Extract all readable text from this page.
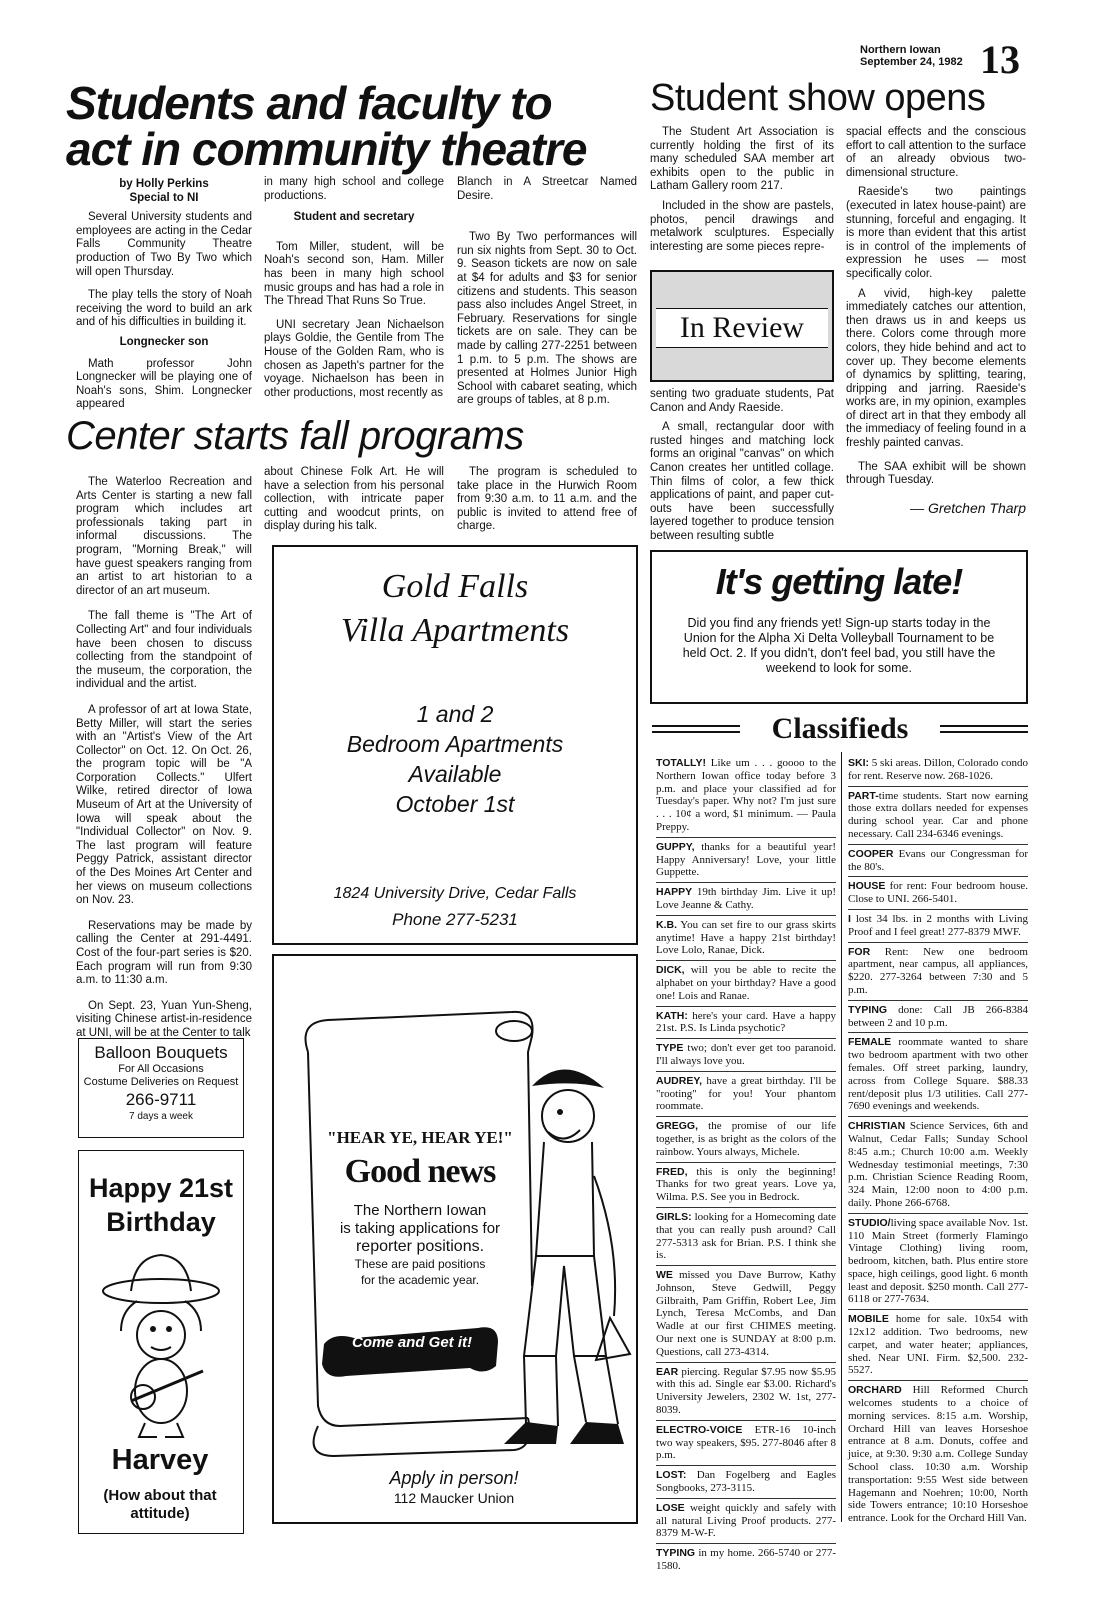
Northern Iowan
September 24, 1982 13
Students and faculty to
act in community theatre

by Holly Perkins

Special to NI

Several University students and employees are acting in the Cedar Falls Community Theatre production of Two By Two which will open Thursday.

The play tells the story of Noah receiving the word to build an ark and of his difficulties in building it.

Longnecker son

Math professor John Longnecker will be playing one of Noah's sons, Shim. Longnecker appeared

in many high school and college productions.

Student and secretary

Tom Miller, student, will be Noah's second son, Ham. Miller has been in many high school music groups and has had a role in The Thread That Runs So True.

UNI secretary Jean Nichaelson plays Goldie, the Gentile from The House of the Golden Ram, who is chosen as Japeth's partner for the voyage. Nichaelson has been in other productions, most recently as

Blanch in A Streetcar Named Desire.

Two By Two performances will run six nights from Sept. 30 to Oct. 9. Season tickets are now on sale at $4 for adults and $3 for senior citizens and students. This season pass also includes Angel Street, in February. Reservations for single tickets are on sale. They can be made by calling 277-2251 between 1 p.m. to 5 p.m. The shows are presented at Holmes Junior High School with cabaret seating, which are groups of tables, at 8 p.m.

Center starts fall programs

The Waterloo Recreation and Arts Center is starting a new fall program which includes art professionals taking part in informal discussions. The program, "Morning Break," will have guest speakers ranging from an artist to art historian to a director of an art museum.

The fall theme is "The Art of Collecting Art" and four individuals have been chosen to discuss collecting from the standpoint of the museum, the corporation, the individual and the artist.

A professor of art at Iowa State, Betty Miller, will start the series with an "Artist's View of the Art Collector" on Oct. 12. On Oct. 26, the program topic will be "A Corporation Collects." Ulfert Wilke, retired director of Iowa Museum of Art at the University of Iowa will speak about the "Individual Collector" on Nov. 9. The last program will feature Peggy Patrick, assistant director of the Des Moines Art Center and her views on museum collections on Nov. 23.

Reservations may be made by calling the Center at 291-4491. Cost of the four-part series is $20. Each program will run from 9:30 a.m. to 11:30 a.m.

On Sept. 23, Yuan Yun-Sheng, visiting Chinese artist-in-residence at UNI, will be at the Center to talk

about Chinese Folk Art. He will have a selection from his personal collection, with intricate paper cutting and woodcut prints, on display during his talk.

The program is scheduled to take place in the Hurwich Room from 9:30 a.m. to 11 a.m. and the public is invited to attend free of charge.

Gold Falls
Villa Apartments
1 and 2
Bedroom Apartments
Available
October 1st
1824 University Drive, Cedar Falls
Phone 277-5231
"HEAR YE, HEAR YE!"
Good news
The Northern Iowan
is taking applications for
reporter positions.
These are paid positions
for the academic year.
Come and Get it!
Apply in person!
112 Maucker Union
Balloon Bouquets
For All Occasions
Costume Deliveries on Request
266-9711
7 days a week
Happy 21st
Birthday
Harvey
(How about that
attitude)
Student show opens

The Student Art Association is currently holding the first of its many scheduled SAA member art exhibits open to the public in Latham Gallery room 217.

Included in the show are pastels, photos, pencil drawings and metalwork sculptures. Especially interesting are some pieces repre-

In Review

senting two graduate students, Pat Canon and Andy Raeside.

A small, rectangular door with rusted hinges and matching lock forms an original "canvas" on which Canon creates her untitled collage. Thin films of color, a few thick applications of paint, and paper cut-outs have been successfully layered together to produce tension between resulting subtle

spacial effects and the conscious effort to call attention to the surface of an already obvious two-dimensional structure.

Raeside's two paintings (executed in latex house-paint) are stunning, forceful and engaging. It is more than evident that this artist is in control of the implements of expression he uses — most specifically color.

A vivid, high-key palette immediately catches our attention, then draws us in and keeps us there. Colors come through more colors, they hide behind and act to cover up. They become elements of dynamics by splitting, tearing, dripping and jarring. Raeside's works are, in my opinion, examples of direct art in that they embody all the immediacy of feeling found in a freshly painted canvas.

The SAA exhibit will be shown through Tuesday.

— Gretchen Tharp

It's getting late!
Did you find any friends yet! Sign-up starts today in the Union for the Alpha Xi Delta Volleyball Tournament to be held Oct. 2. If you didn't, don't feel bad, you still have the weekend to look for some.
Classifieds
TOTALLY! Like um . . . goooo to the Northern Iowan office today before 3 p.m. and place your classified ad for Tuesday's paper. Why not? I'm just sure . . . 10¢ a word, $1 minimum. — Paula Preppy.
GUPPY, thanks for a beautiful year! Happy Anniversary! Love, your little Guppette.
HAPPY 19th birthday Jim. Live it up! Love Jeanne & Cathy.
K.B. You can set fire to our grass skirts anytime! Have a happy 21st birthday! Love Lolo, Ranae, Dick.
DICK, will you be able to recite the alphabet on your birthday? Have a good one! Lois and Ranae.
KATH: here's your card. Have a happy 21st. P.S. Is Linda psychotic?
TYPE two; don't ever get too paranoid. I'll always love you.
AUDREY, have a great birthday. I'll be "rooting" for you! Your phantom roommate.
GREGG, the promise of our life together, is as bright as the colors of the rainbow. Yours always, Michele.
FRED, this is only the beginning! Thanks for two great years. Love ya, Wilma. P.S. See you in Bedrock.
GIRLS: looking for a Homecoming date that you can really push around? Call 277-5313 ask for Brian. P.S. I think she is.
WE missed you Dave Burrow, Kathy Johnson, Steve Gedwill, Peggy Gilbraith, Pam Griffin, Robert Lee, Jim Lynch, Teresa McCombs, and Dan Wadle at our first CHIMES meeting. Our next one is SUNDAY at 8:00 p.m. Questions, call 273-4314.
EAR piercing. Regular $7.95 now $5.95 with this ad. Single ear $3.00. Richard's University Jewelers, 2302 W. 1st, 277-8039.
ELECTRO-VOICE ETR-16 10-inch two way speakers, $95. 277-8046 after 8 p.m.
LOST: Dan Fogelberg and Eagles Songbooks, 273-3115.
LOSE weight quickly and safely with all natural Living Proof products. 277-8379 M-W-F.
TYPING in my home. 266-5740 or 277-1580.
SKI: 5 ski areas. Dillon, Colorado condo for rent. Reserve now. 268-1026.
PART-time students. Start now earning those extra dollars needed for expenses during school year. Car and phone necessary. Call 234-6346 evenings.
COOPER Evans our Congressman for the 80's.
HOUSE for rent: Four bedroom house. Close to UNI. 266-5401.
I lost 34 lbs. in 2 months with Living Proof and I feel great! 277-8379 MWF.
FOR Rent: New one bedroom apartment, near campus, all appliances, $220. 277-3264 between 7:30 and 5 p.m.
TYPING done: Call JB 266-8384 between 2 and 10 p.m.
FEMALE roommate wanted to share two bedroom apartment with two other females. Off street parking, laundry, across from College Square. $88.33 rent/deposit plus 1/3 utilities. Call 277-7690 evenings and weekends.
CHRISTIAN Science Services, 6th and Walnut, Cedar Falls; Sunday School 8:45 a.m.; Church 10:00 a.m. Weekly Wednesday testimonial meetings, 7:30 p.m. Christian Science Reading Room, 324 Main, 12:00 noon to 4:00 p.m. daily. Phone 266-6768.
STUDIO/living space available Nov. 1st. 110 Main Street (formerly Flamingo Vintage Clothing) living room, bedroom, kitchen, bath. Plus entire store space, high ceilings, good light. 6 month least and deposit. $250 month. Call 277-6118 or 277-7634.
MOBILE home for sale. 10x54 with 12x12 addition. Two bedrooms, new carpet, and water heater; appliances, shed. Near UNI. Firm. $2,500. 232-5527.
ORCHARD Hill Reformed Church welcomes students to a choice of morning services. 8:15 a.m. Worship, Orchard Hill van leaves Horseshoe entrance at 8 a.m. Donuts, coffee and juice, at 9:30. 9:30 a.m. College Sunday School class. 10:30 a.m. Worship transportation: 9:55 West side between Hagemann and Noehren; 10:00, North side Towers entrance; 10:10 Horseshoe entrance. Look for the Orchard Hill Van.
